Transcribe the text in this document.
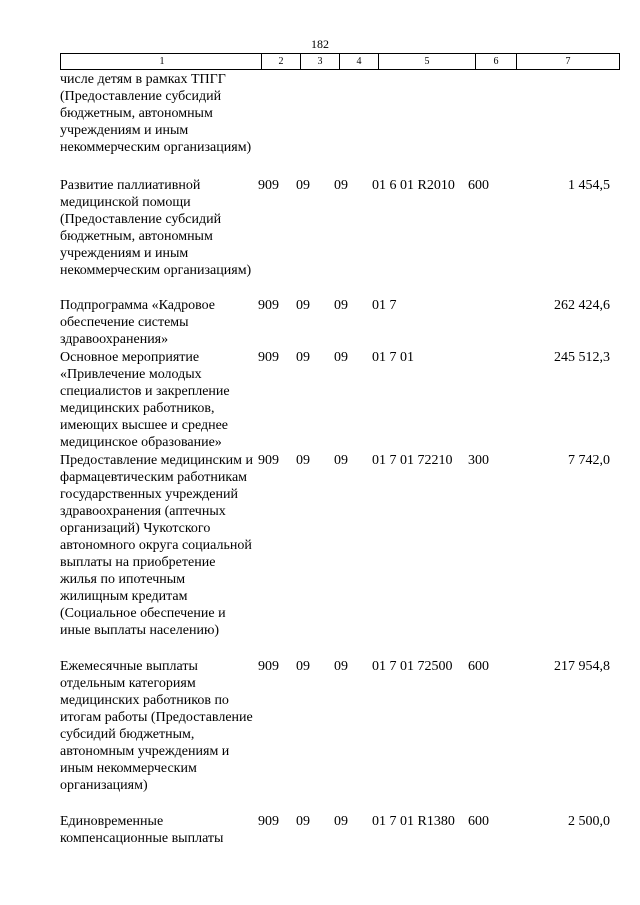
182
1	2	3	4	5	6	7
числе детям в рамках ТПГГ (Предоставление субсидий бюджетным, автономным учреждениям и иным некоммерческим организациям)						
Развитие паллиативной медицинской помощи (Предоставление субсидий бюджетным, автономным учреждениям и иным некоммерческим организациям)	909	09	09	01 6 01 R2010	600	1 454,5
Подпрограмма «Кадровое обеспечение системы здравоохранения»	909	09	09	01 7		262 424,6
Основное мероприятие «Привлечение молодых специалистов и закрепление медицинских работников, имеющих высшее и среднее медицинское образование»	909	09	09	01 7 01		245 512,3
Предоставление медицинским и фармацевтическим работникам государственных учреждений здравоохранения (аптечных организаций) Чукотского автономного округа социальной выплаты на приобретение жилья по ипотечным жилищным кредитам (Социальное обеспечение и иные выплаты населению)	909	09	09	01 7 01 72210	300	7 742,0
Ежемесячные выплаты отдельным категориям медицинских работников по итогам работы (Предоставление субсидий бюджетным, автономным учреждениям и иным некоммерческим организациям)	909	09	09	01 7 01 72500	600	217 954,8
Единовременные компенсационные выплаты	909	09	09	01 7 01 R1380	600	2 500,0
